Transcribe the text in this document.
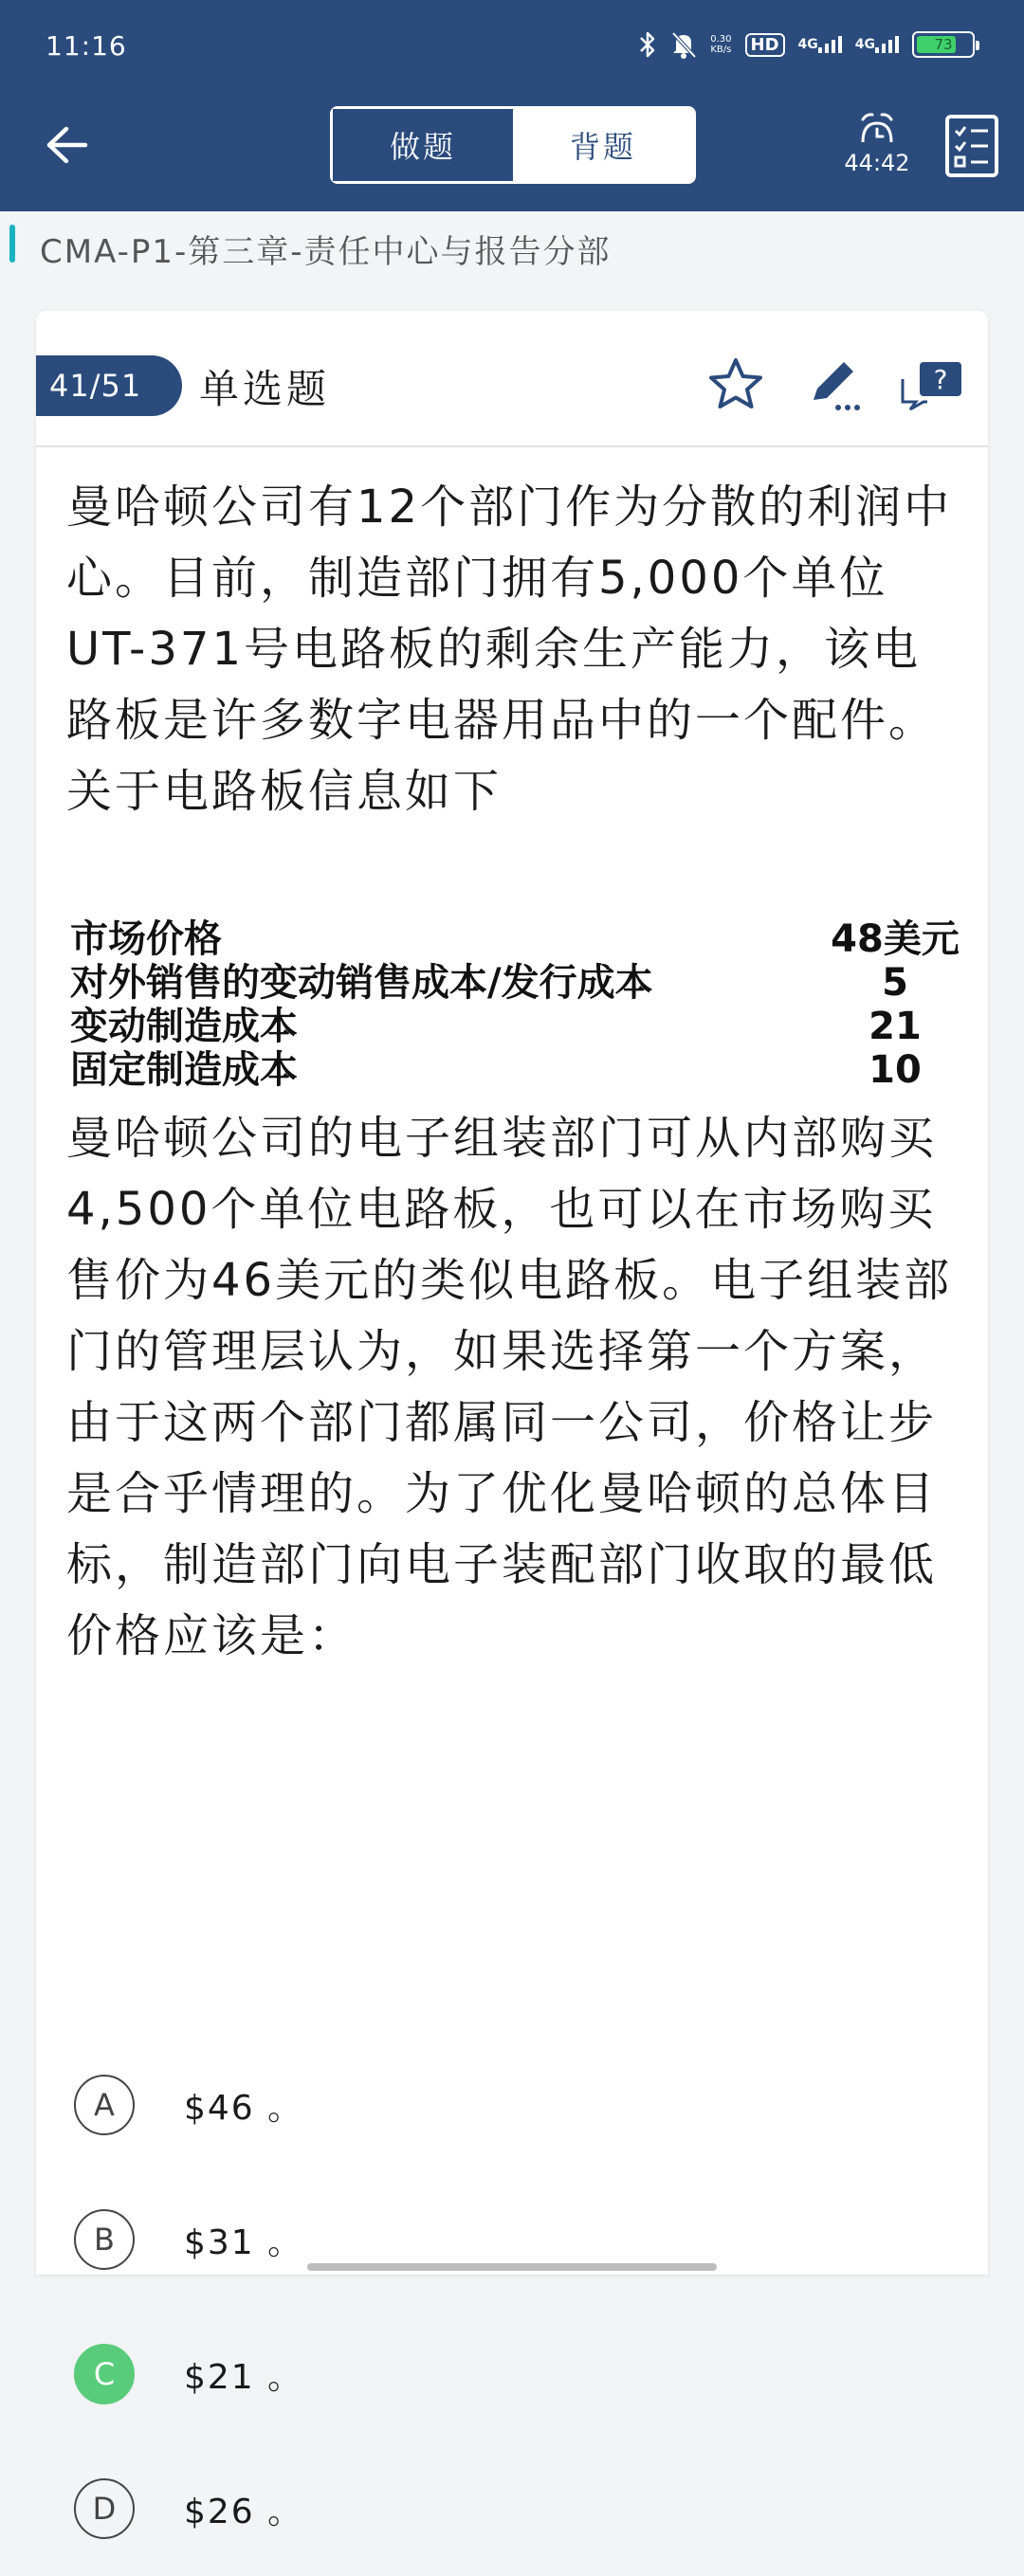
11:16	0.30
KB/s	HD	4G	4G	73
做题	背题	44:42
CMA-P1-第三章-责任中心与报告分部
41/51	单选题	?
曼哈顿公司有12个部门作为分散的利润中心。目前，制造部门拥有5,000个单位UT-371号电路板的剩余生产能力，该电路板是许多数字电器用品中的一个配件。关于电路板信息如下
市场价格	48美元
对外销售的变动销售成本/发行成本	5
变动制造成本	21
固定制造成本	10
曼哈顿公司的电子组装部门可从内部购买4,500个单位电路板，也可以在市场购买售价为46美元的类似电路板。电子组装部门的管理层认为，如果选择第一个方案，由于这两个部门都属同一公司，价格让步是合乎情理的。为了优化曼哈顿的总体目标，制造部门向电子装配部门收取的最低价格应该是：
A	$46 。
B	$31 。
C	$21 。
D	$26 。
